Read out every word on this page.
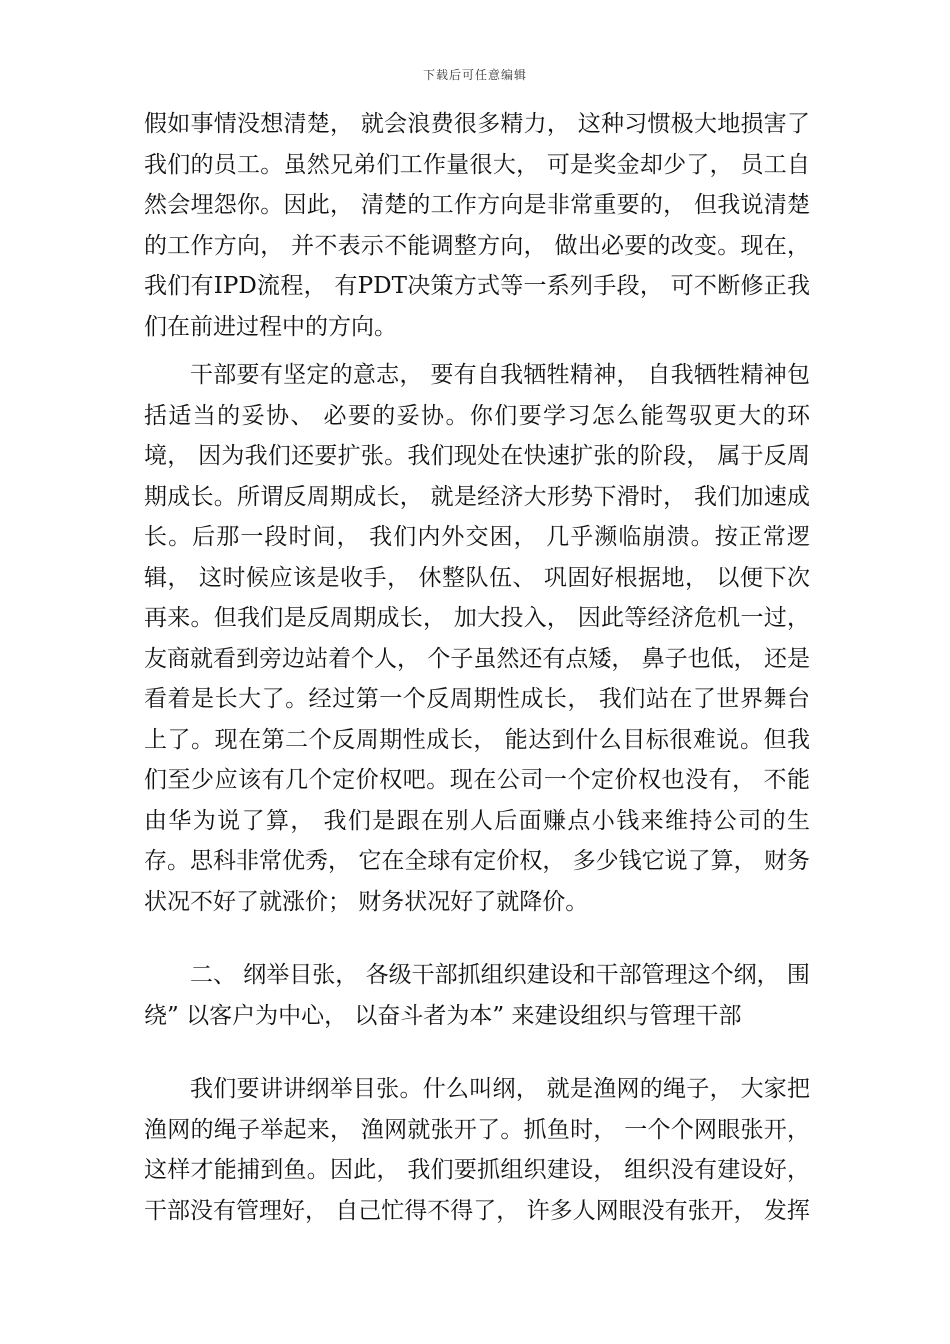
下载后可任意编辑

假如事情没想清楚， 就会浪费很多精力， 这种习惯极大地损害了我们的员工。虽然兄弟们工作量很大， 可是奖金却少了， 员工自然会埋怨你。因此， 清楚的工作方向是非常重要的， 但我说清楚的工作方向， 并不表示不能调整方向， 做出必要的改变。现在，我们有IPD流程， 有PDT决策方式等一系列手段， 可不断修正我们在前进过程中的方向。

干部要有坚定的意志， 要有自我牺牲精神， 自我牺牲精神包括适当的妥协、 必要的妥协。你们要学习怎么能驾驭更大的环境， 因为我们还要扩张。我们现处在快速扩张的阶段， 属于反周期成长。所谓反周期成长， 就是经济大形势下滑时， 我们加速成长。后那一段时间， 我们内外交困， 几乎濒临崩溃。按正常逻辑， 这时候应该是收手， 休整队伍、 巩固好根据地， 以便下次再来。但我们是反周期成长， 加大投入， 因此等经济危机一过， 友商就看到旁边站着个人， 个子虽然还有点矮， 鼻子也低， 还是看着是长大了。经过第一个反周期性成长， 我们站在了世界舞台上了。现在第二个反周期性成长， 能达到什么目标很难说。但我们至少应该有几个定价权吧。现在公司一个定价权也没有， 不能由华为说了算， 我们是跟在别人后面赚点小钱来维持公司的生存。思科非常优秀， 它在全球有定价权， 多少钱它说了算， 财务状况不好了就涨价； 财务状况好了就降价。

二、 纲举目张， 各级干部抓组织建设和干部管理这个纲， 围绕” 以客户为中心， 以奋斗者为本” 来建设组织与管理干部

我们要讲讲纲举目张。什么叫纲， 就是渔网的绳子， 大家把渔网的绳子举起来， 渔网就张开了。抓鱼时， 一个个网眼张开，这样才能捕到鱼。因此， 我们要抓组织建设， 组织没有建设好，干部没有管理好， 自己忙得不得了， 许多人网眼没有张开， 发挥
